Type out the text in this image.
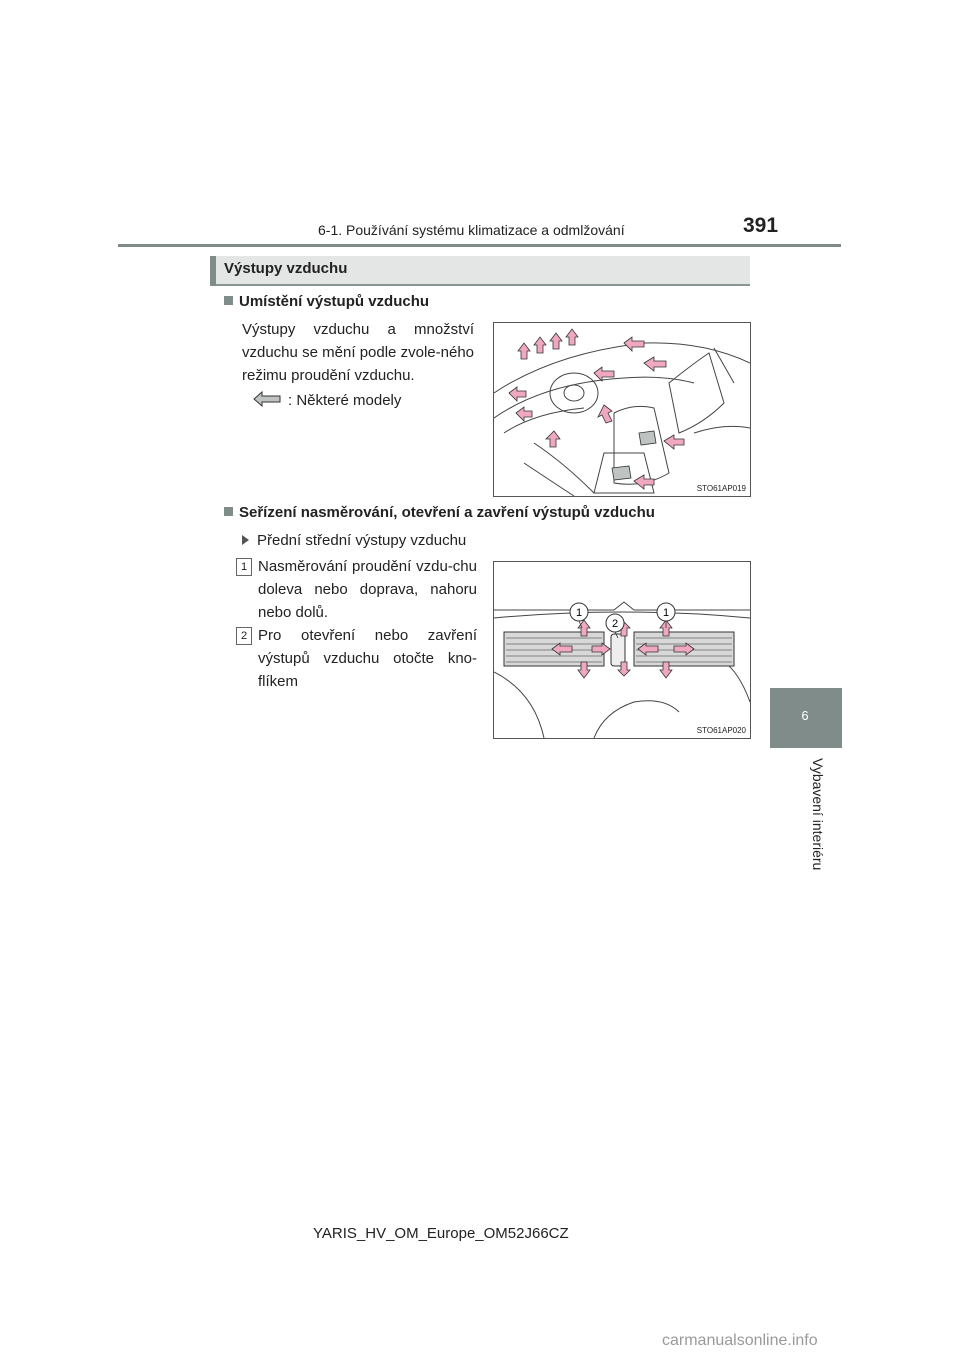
6-1. Používání systému klimatizace a odmlžování	391
6
Vybavení interiéru
Výstupy vzduchu
Umístění výstupů vzduchu
Výstupy vzduchu a množství vzduchu se mění podle zvole-ného režimu proudění vzduchu.
: Některé modely
STO61AP019
Seřízení nasměrování, otevření a zavření výstupů vzduchu
Přední střední výstupy vzduchu
1 Nasměrování proudění vzdu-chu doleva nebo doprava, nahoru nebo dolů.
2 Pro otevření nebo zavření výstupů vzduchu otočte kno-flíkem
1
2
1
STO61AP020
YARIS_HV_OM_Europe_OM52J66CZ
carmanualsonline.info
